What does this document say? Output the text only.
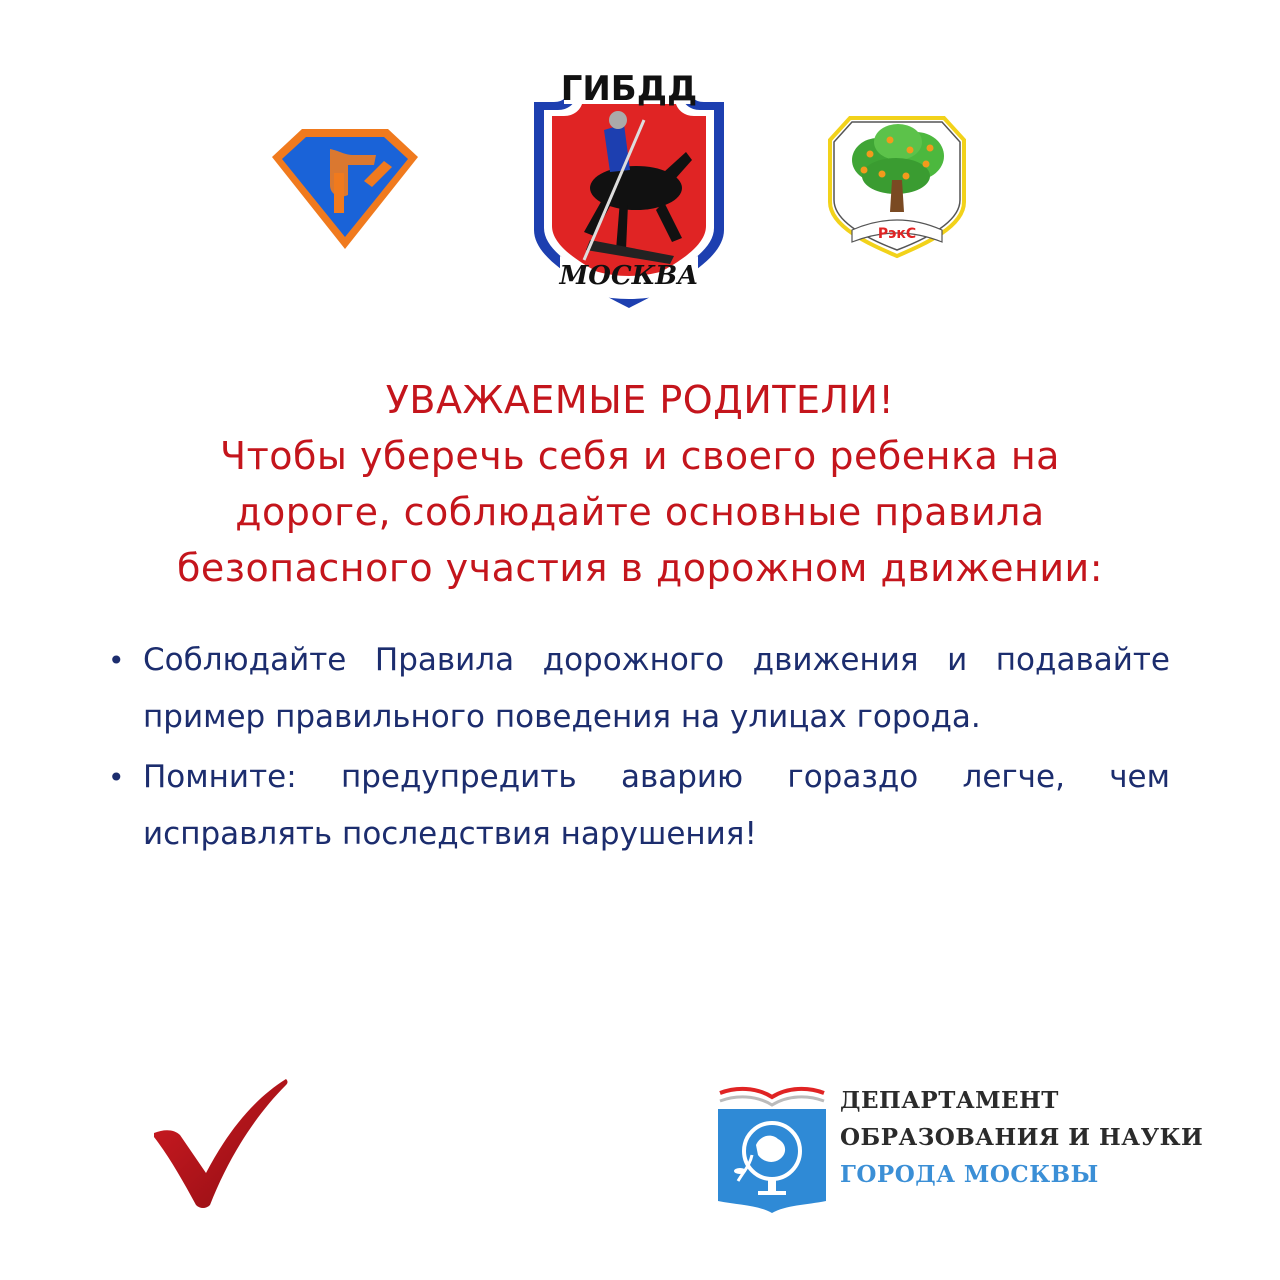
ГИБДД
МОСКВА
РэкС
УВАЖАЕМЫЕ РОДИТЕЛИ!
Чтобы уберечь себя и своего ребенка на
дороге, соблюдайте основные правила
безопасного участия в дорожном движении:
• Соблюдайте Правила дорожного движения и подавайте пример правильного поведения на улицах города.
• Помните: предупредить аварию гораздо легче, чем исправлять последствия нарушения!
ДЕПАРТАМЕНТ
ОБРАЗОВАНИЯ И НАУКИ
ГОРОДА МОСКВЫ
